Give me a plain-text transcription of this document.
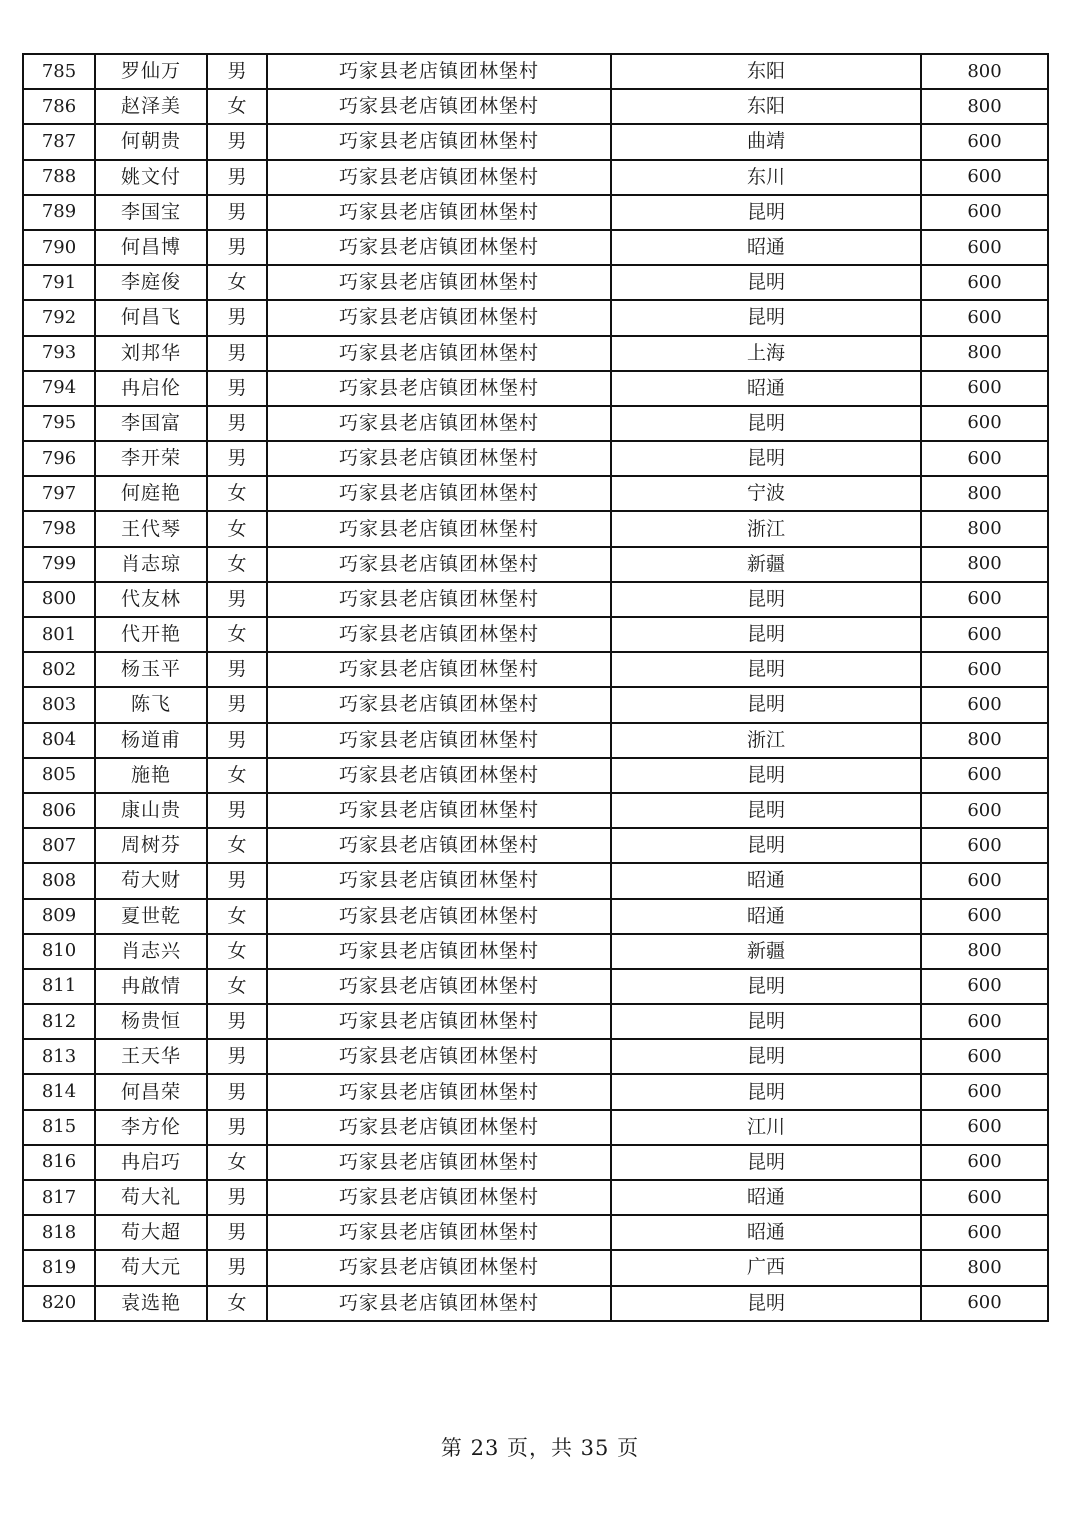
785	罗仙万	男	巧家县老店镇团林堡村	东阳	800
786	赵泽美	女	巧家县老店镇团林堡村	东阳	800
787	何朝贵	男	巧家县老店镇团林堡村	曲靖	600
788	姚文付	男	巧家县老店镇团林堡村	东川	600
789	李国宝	男	巧家县老店镇团林堡村	昆明	600
790	何昌博	男	巧家县老店镇团林堡村	昭通	600
791	李庭俊	女	巧家县老店镇团林堡村	昆明	600
792	何昌飞	男	巧家县老店镇团林堡村	昆明	600
793	刘邦华	男	巧家县老店镇团林堡村	上海	800
794	冉启伦	男	巧家县老店镇团林堡村	昭通	600
795	李国富	男	巧家县老店镇团林堡村	昆明	600
796	李开荣	男	巧家县老店镇团林堡村	昆明	600
797	何庭艳	女	巧家县老店镇团林堡村	宁波	800
798	王代琴	女	巧家县老店镇团林堡村	浙江	800
799	肖志琼	女	巧家县老店镇团林堡村	新疆	800
800	代友林	男	巧家县老店镇团林堡村	昆明	600
801	代开艳	女	巧家县老店镇团林堡村	昆明	600
802	杨玉平	男	巧家县老店镇团林堡村	昆明	600
803	陈飞	男	巧家县老店镇团林堡村	昆明	600
804	杨道甫	男	巧家县老店镇团林堡村	浙江	800
805	施艳	女	巧家县老店镇团林堡村	昆明	600
806	康山贵	男	巧家县老店镇团林堡村	昆明	600
807	周树芬	女	巧家县老店镇团林堡村	昆明	600
808	苟大财	男	巧家县老店镇团林堡村	昭通	600
809	夏世乾	女	巧家县老店镇团林堡村	昭通	600
810	肖志兴	女	巧家县老店镇团林堡村	新疆	800
811	冉啟情	女	巧家县老店镇团林堡村	昆明	600
812	杨贵恒	男	巧家县老店镇团林堡村	昆明	600
813	王天华	男	巧家县老店镇团林堡村	昆明	600
814	何昌荣	男	巧家县老店镇团林堡村	昆明	600
815	李方伦	男	巧家县老店镇团林堡村	江川	600
816	冉启巧	女	巧家县老店镇团林堡村	昆明	600
817	苟大礼	男	巧家县老店镇团林堡村	昭通	600
818	苟大超	男	巧家县老店镇团林堡村	昭通	600
819	苟大元	男	巧家县老店镇团林堡村	广西	800
820	袁选艳	女	巧家县老店镇团林堡村	昆明	600
第 23 页，共 35 页
